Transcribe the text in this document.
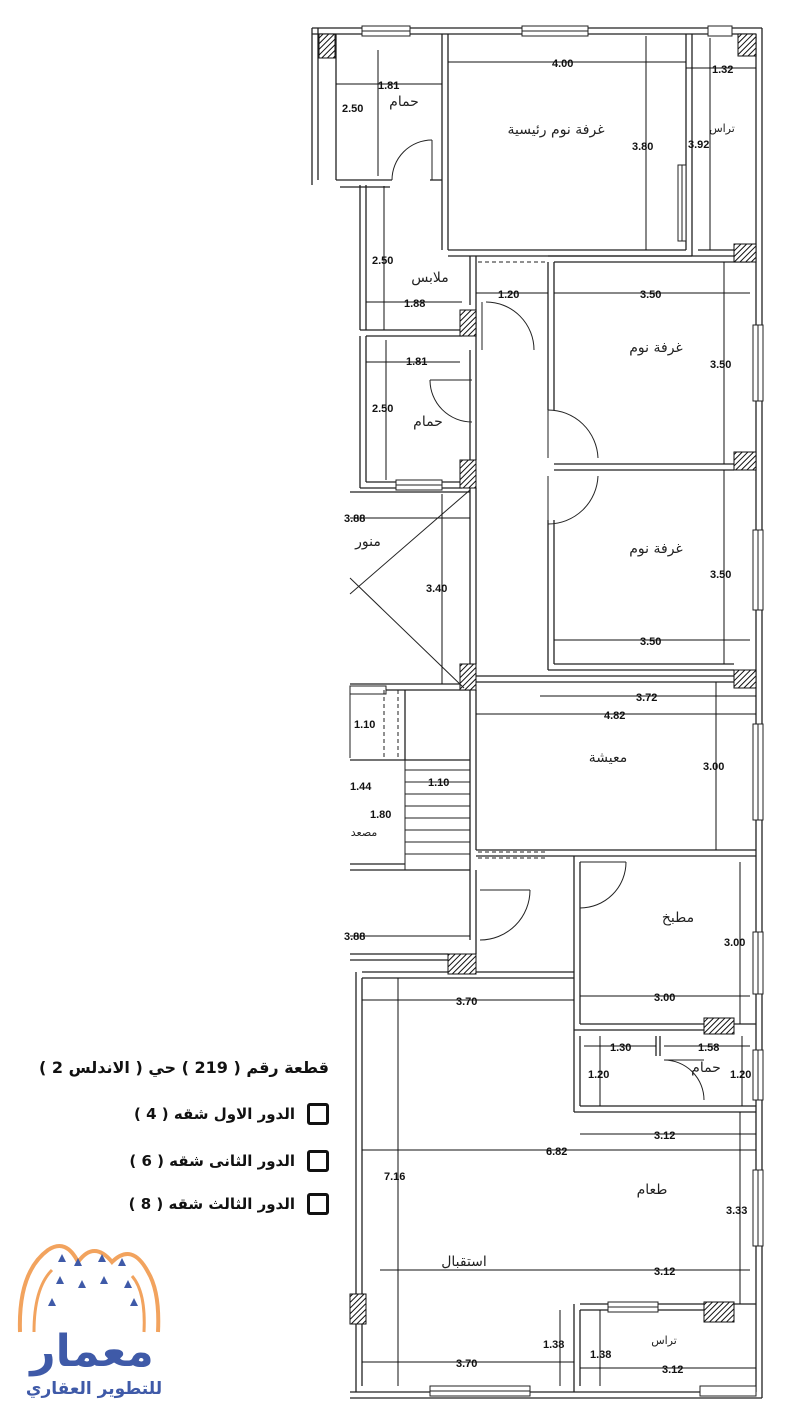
1.81
2.50
4.00
3.80
1.32
3.92
2.50
1.88
1.20	3.50
3.50
1.81
2.50
3.88
3.40
3.50
3.50
3.72
4.82
3.00
1.10
1.10
1.44
1.80
3.88	3.00
3.00
3.70
1.30	1.58
1.20	1.20
3.12
6.82
7.16
3.33
3.12
1.38
1.38
3.70	3.12
غرفة نوم رئيسية	تراس
حمام
ملابس
غرفة نوم
حمام
منور	غرفة نوم
معيشة
مصعد
مطبخ
حمام
طعام
استقبال
تراس
قطعة رقم ( 219 ) حي ( الاندلس 2 )
الدور الاول شقه ( 4 )
الدور الثانى شقه ( 6 )
الدور الثالث شقه ( 8 )
معمار
للتطوير العقاري
